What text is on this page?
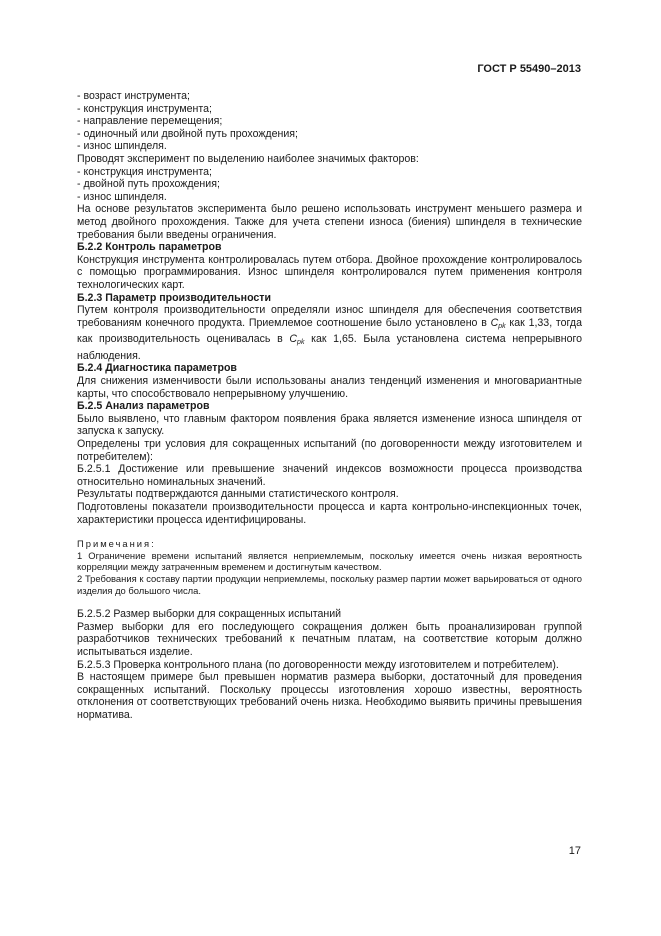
ГОСТ Р 55490–2013

- возраст инструмента;

- конструкция инструмента;

- направление перемещения;

- одиночный или двойной путь прохождения;

- износ шпинделя.

Проводят эксперимент по выделению наиболее значимых факторов:

- конструкция инструмента;

- двойной путь прохождения;

- износ шпинделя.

На основе результатов эксперимента было решено использовать инструмент меньшего размера и метод двойного прохождения. Также для учета степени износа (биения) шпинделя в технические требования были введены ограничения.

Б.2.2 Контроль параметров

Конструкция инструмента контролировалась путем отбора. Двойное прохождение контролировалось с помощью программирования. Износ шпинделя контролировался путем применения контроля технологических карт.

Б.2.3 Параметр производительности

Путем контроля производительности определяли износ шпинделя для обеспечения соответствия требованиям конечного продукта. Приемлемое соотношение было установлено в $C_{pk}$ как 1,33, тогда как производительность оценивалась в $C_{pk}$ как 1,65. Была установлена система непрерывного наблюдения.

Б.2.4 Диагностика параметров

Для снижения изменчивости были использованы анализ тенденций изменения и многовариантные карты, что способствовало непрерывному улучшению.

Б.2.5 Анализ параметров

Было выявлено, что главным фактором появления брака является изменение износа шпинделя от запуска к запуску.

Определены три условия для сокращенных испытаний (по договоренности между изготовителем и потребителем):

Б.2.5.1 Достижение или превышение значений индексов возможности процесса производства относительно номинальных значений.

Результаты подтверждаются данными статистического контроля.

Подготовлены показатели производительности процесса и карта контрольно-инспекционных точек, характеристики процесса идентифицированы.

Примечания:

1 Ограничение времени испытаний является неприемлемым, поскольку имеется очень низкая вероятность корреляции между затраченным временем и достигнутым качеством.

2 Требования к составу партии продукции неприемлемы, поскольку размер партии может варьироваться от одного изделия до большого числа.

Б.2.5.2 Размер выборки для сокращенных испытаний

Размер выборки для его последующего сокращения должен быть проанализирован группой разработчиков технических требований к печатным платам, на соответствие которым должно испытываться изделие.

Б.2.5.3 Проверка контрольного плана (по договоренности между изготовителем и потребителем).

В настоящем примере был превышен норматив размера выборки, достаточный для проведения сокращенных испытаний. Поскольку процессы изготовления хорошо известны, вероятность отклонения от соответствующих требований очень низка. Необходимо выявить причины превышения норматива.

17
